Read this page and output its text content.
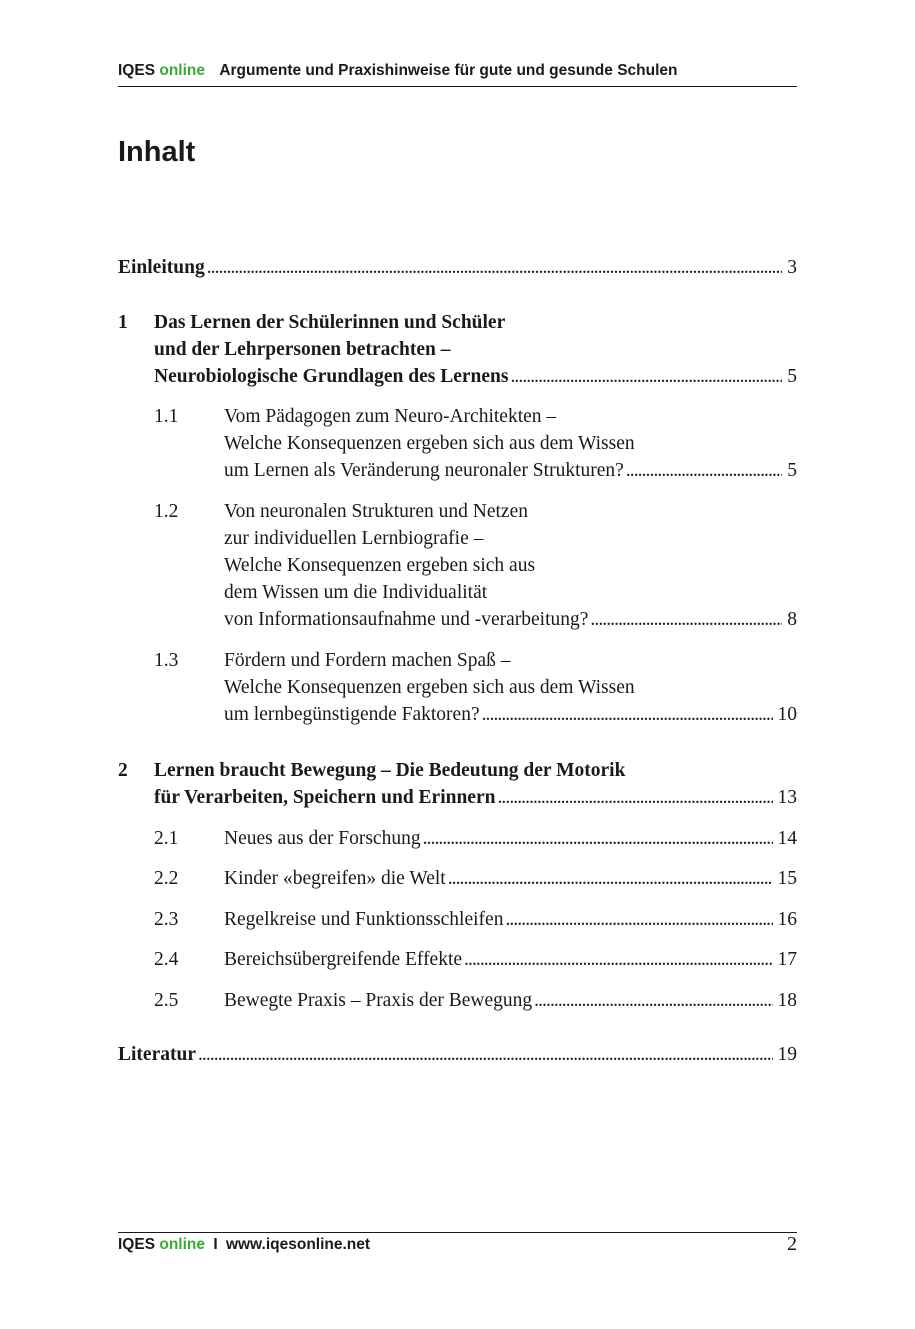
IQES online Argumente und Praxishinweise für gute und gesunde Schulen
Inhalt
Einleitung . . .	3
1 Das Lernen der Schülerinnen und Schüler
und der Lehrpersonen betrachten –
Neurobiologische Grundlagen des Lernens . . .	5
1.1 Vom Pädagogen zum Neuro-Architekten –
Welche Konsequenzen ergeben sich aus dem Wissen
um Lernen als Veränderung neuronaler Strukturen? . . .	5
1.2 Von neuronalen Strukturen und Netzen
zur individuellen Lernbiografie –
Welche Konsequenzen ergeben sich aus
dem Wissen um die Individualität
von Informationsaufnahme und -verarbeitung? . . .	8
1.3 Fördern und Fordern machen Spaß –
Welche Konsequenzen ergeben sich aus dem Wissen
um lernbegünstigende Faktoren? . . .	10
2 Lernen braucht Bewegung – Die Bedeutung der Motorik
für Verarbeiten, Speichern und Erinnern . . .	13
2.1 Neues aus der Forschung . . .	14
2.2 Kinder «begreifen» die Welt . . .	15
2.3 Regelkreise und Funktionsschleifen . . .	16
2.4 Bereichsübergreifende Effekte . . .	17
2.5 Bewegte Praxis – Praxis der Bewegung . . .	18
Literatur . . .	19
IQES online I www.iqesonline.net	2
